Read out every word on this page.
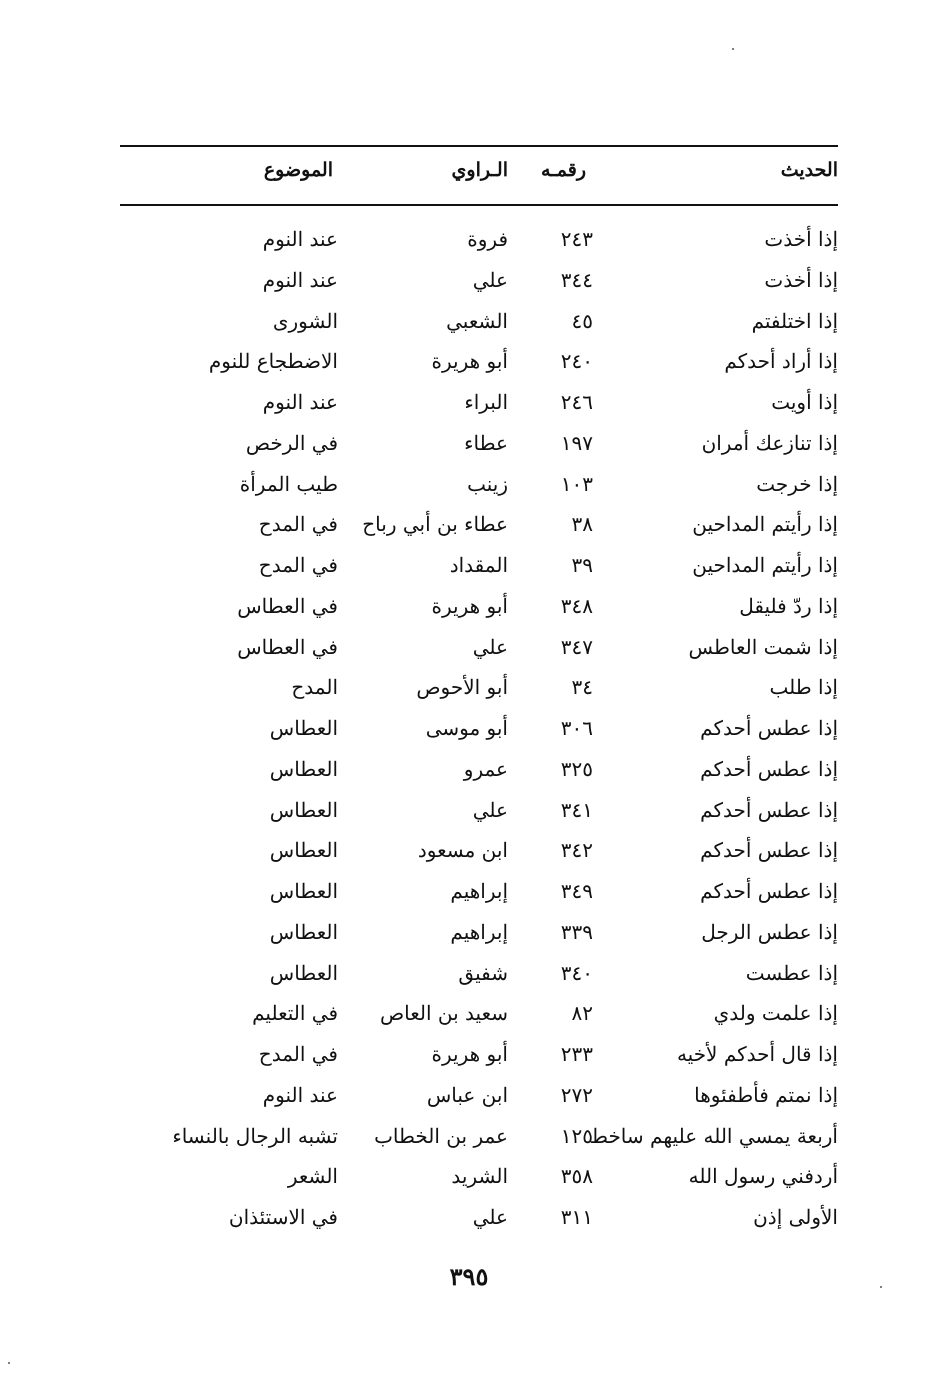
الحديث
رقمـه
الـراوي
الموضوع
إذا أخذت
٢٤٣
فروة
عند النوم
إذا أخذت
٣٤٤
علي
عند النوم
إذا اختلفتم
٤٥
الشعبي
الشورى
إذا أراد أحدكم
٢٤٠
أبو هريرة
الاضطجاع للنوم
إذا أويت
٢٤٦
البراء
عند النوم
إذا تنازعك أمران
١٩٧
عطاء
في الرخص
إذا خرجت
١٠٣
زينب
طيب المرأة
إذا رأيتم المداحين
٣٨
عطاء بن أبي رباح
في المدح
إذا رأيتم المداحين
٣٩
المقداد
في المدح
إذا ردّ فليقل
٣٤٨
أبو هريرة
في العطاس
إذا شمت العاطس
٣٤٧
علي
في العطاس
إذا طلب
٣٤
أبو الأحوص
المدح
إذا عطس أحدكم
٣٠٦
أبو موسى
العطاس
إذا عطس أحدكم
٣٢٥
عمرو
العطاس
إذا عطس أحدكم
٣٤١
علي
العطاس
إذا عطس أحدكم
٣٤٢
ابن مسعود
العطاس
إذا عطس أحدكم
٣٤٩
إبراهيم
العطاس
إذا عطس الرجل
٣٣٩
إبراهيم
العطاس
إذا عطست
٣٤٠
شفيق
العطاس
إذا علمت ولدي
٨٢
سعيد بن العاص
في التعليم
إذا قال أحدكم لأخيه
٢٣٣
أبو هريرة
في المدح
إذا نمتم فأطفئوها
٢٧٢
ابن عباس
عند النوم
أربعة يمسي الله عليهم ساخط
١٢٥
عمر بن الخطاب
تشبه الرجال بالنساء
أردفني رسول الله
٣٥٨
الشريد
الشعر
الأولى إذن
٣١١
علي
في الاستئذان
٣٩٥
